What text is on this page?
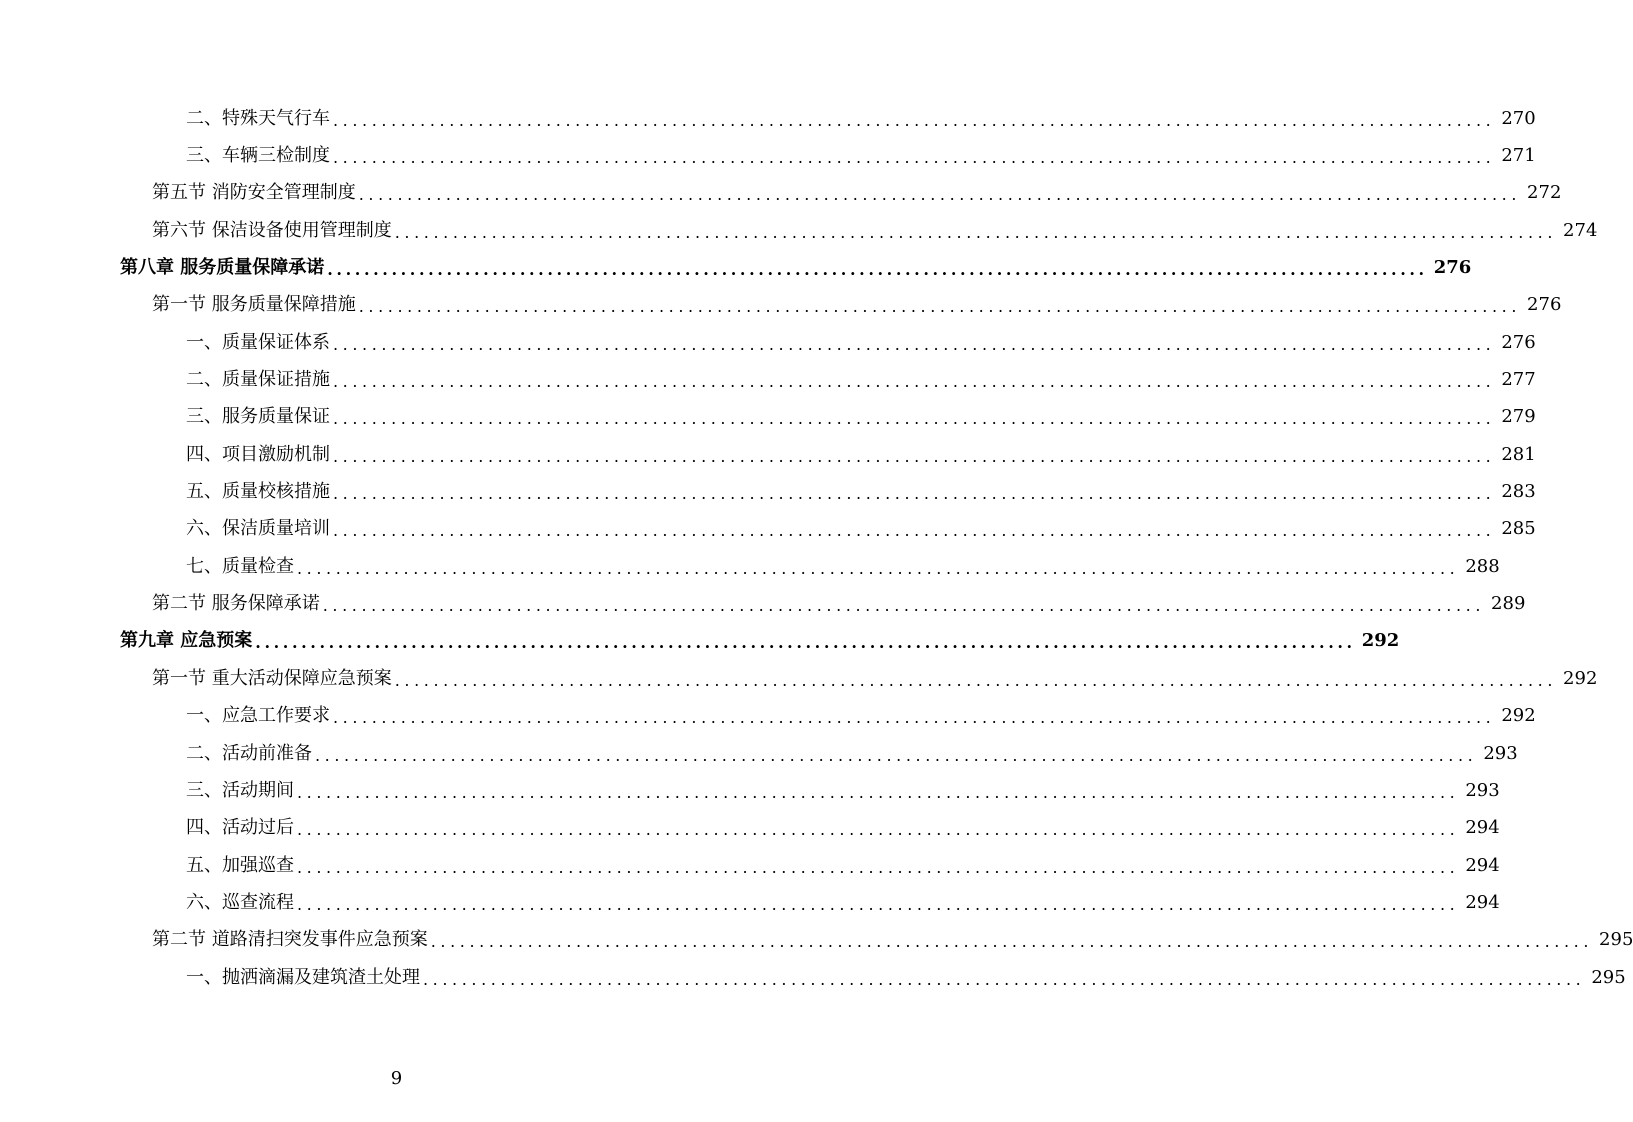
二、特殊天气行车 ........................................................................................................................ 270
三、车辆三检制度 ........................................................................................................................ 271
第五节 消防安全管理制度 ........................................................................................................................ 272
第六节 保洁设备使用管理制度 ........................................................................................................................ 274
第八章 服务质量保障承诺 ........................................................................................................................ 276
第一节 服务质量保障措施 ........................................................................................................................ 276
一、质量保证体系 ........................................................................................................................ 276
二、质量保证措施 ........................................................................................................................ 277
三、服务质量保证 ........................................................................................................................ 279
四、项目激励机制 ........................................................................................................................ 281
五、质量校核措施 ........................................................................................................................ 283
六、保洁质量培训 ........................................................................................................................ 285
七、质量检查 ........................................................................................................................ 288
第二节 服务保障承诺 ........................................................................................................................ 289
第九章 应急预案 ........................................................................................................................ 292
第一节 重大活动保障应急预案 ........................................................................................................................ 292
一、应急工作要求 ........................................................................................................................ 292
二、活动前准备 ........................................................................................................................ 293
三、活动期间 ........................................................................................................................ 293
四、活动过后 ........................................................................................................................ 294
五、加强巡查 ........................................................................................................................ 294
六、巡查流程 ........................................................................................................................ 294
第二节 道路清扫突发事件应急预案 ........................................................................................................................ 295
一、抛洒滴漏及建筑渣土处理 ........................................................................................................................ 295
9
